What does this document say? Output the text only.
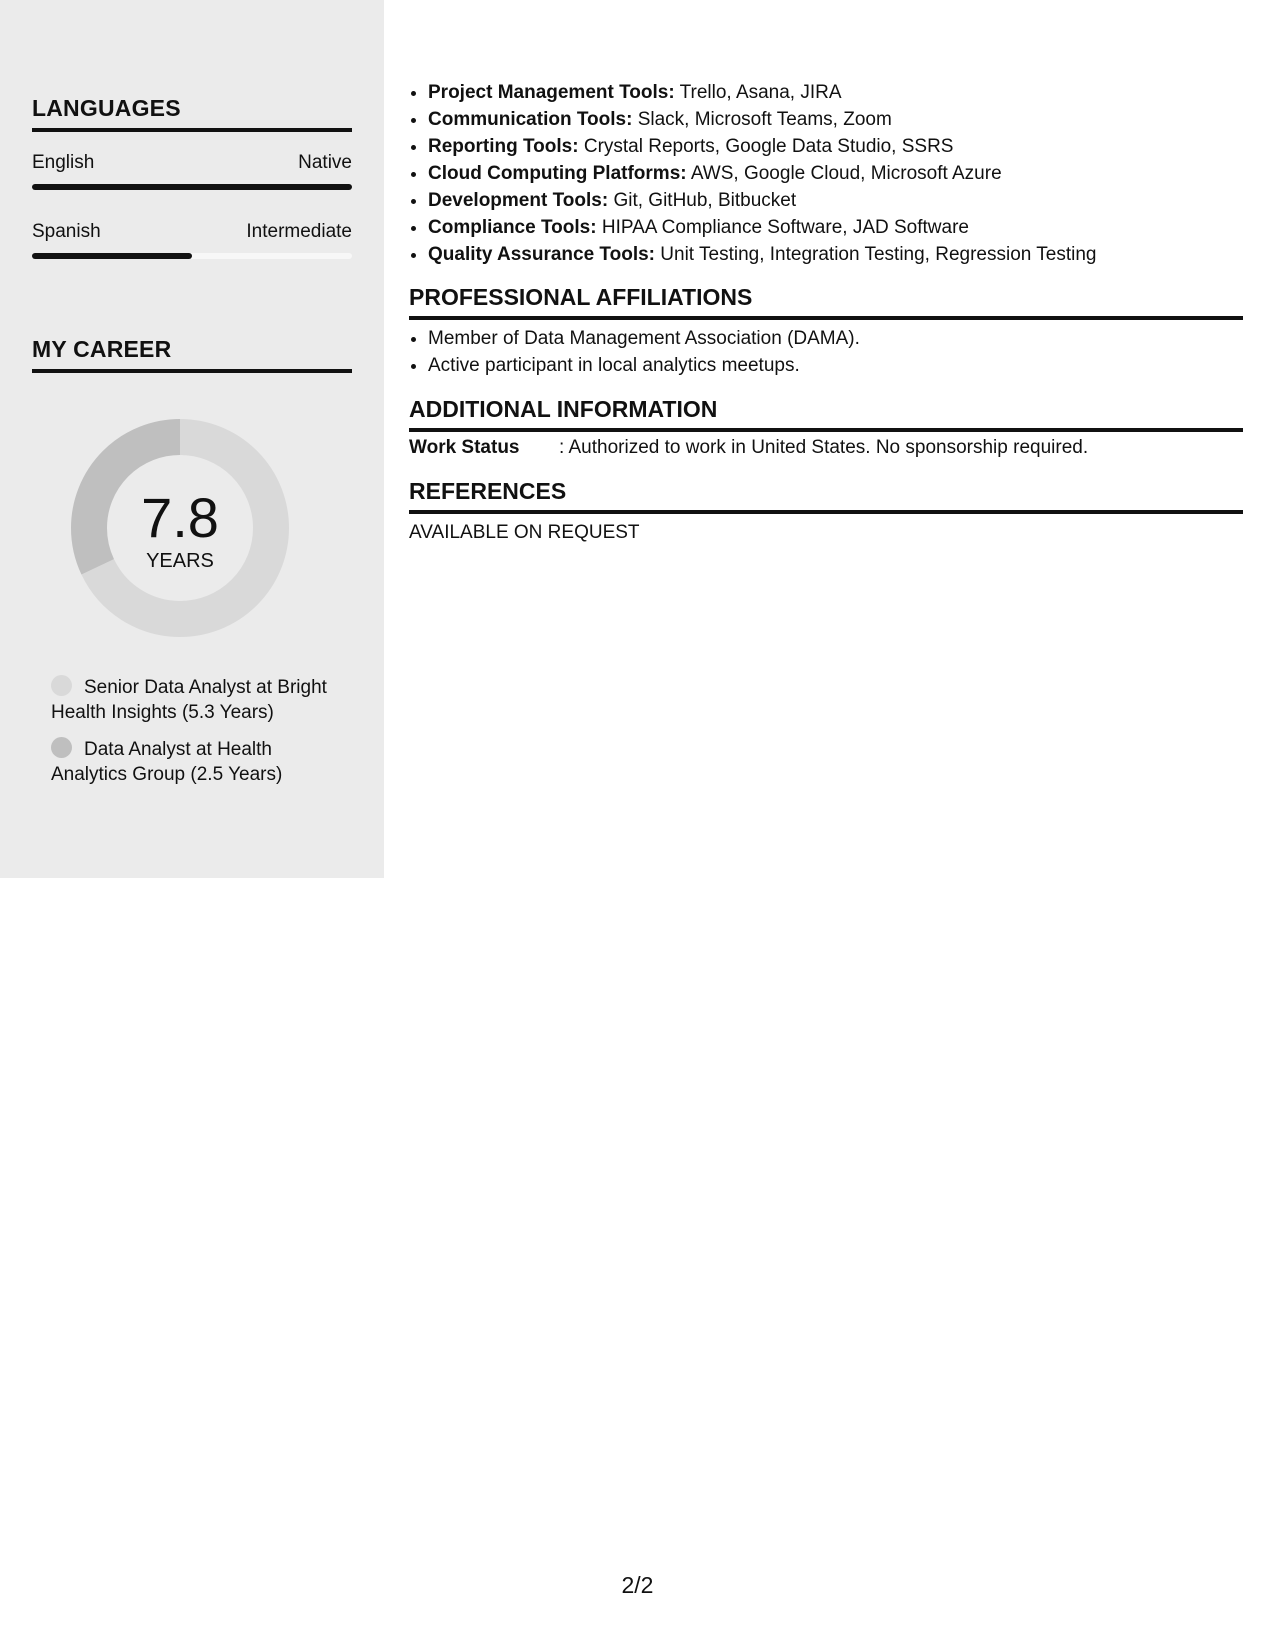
LANGUAGES
English	Native
Spanish	Intermediate
MY CAREER
7.8
YEARS
Senior Data Analyst at Bright Health Insights (5.3 Years)
Data Analyst at Health Analytics Group (2.5 Years)
• Project Management Tools: Trello, Asana, JIRA
• Communication Tools: Slack, Microsoft Teams, Zoom
• Reporting Tools: Crystal Reports, Google Data Studio, SSRS
• Cloud Computing Platforms: AWS, Google Cloud, Microsoft Azure
• Development Tools: Git, GitHub, Bitbucket
• Compliance Tools: HIPAA Compliance Software, JAD Software
• Quality Assurance Tools: Unit Testing, Integration Testing, Regression Testing
PROFESSIONAL AFFILIATIONS
• Member of Data Management Association (DAMA).
• Active participant in local analytics meetups.
ADDITIONAL INFORMATION
Work Status	: Authorized to work in United States. No sponsorship required.
REFERENCES
AVAILABLE ON REQUEST
2/2
